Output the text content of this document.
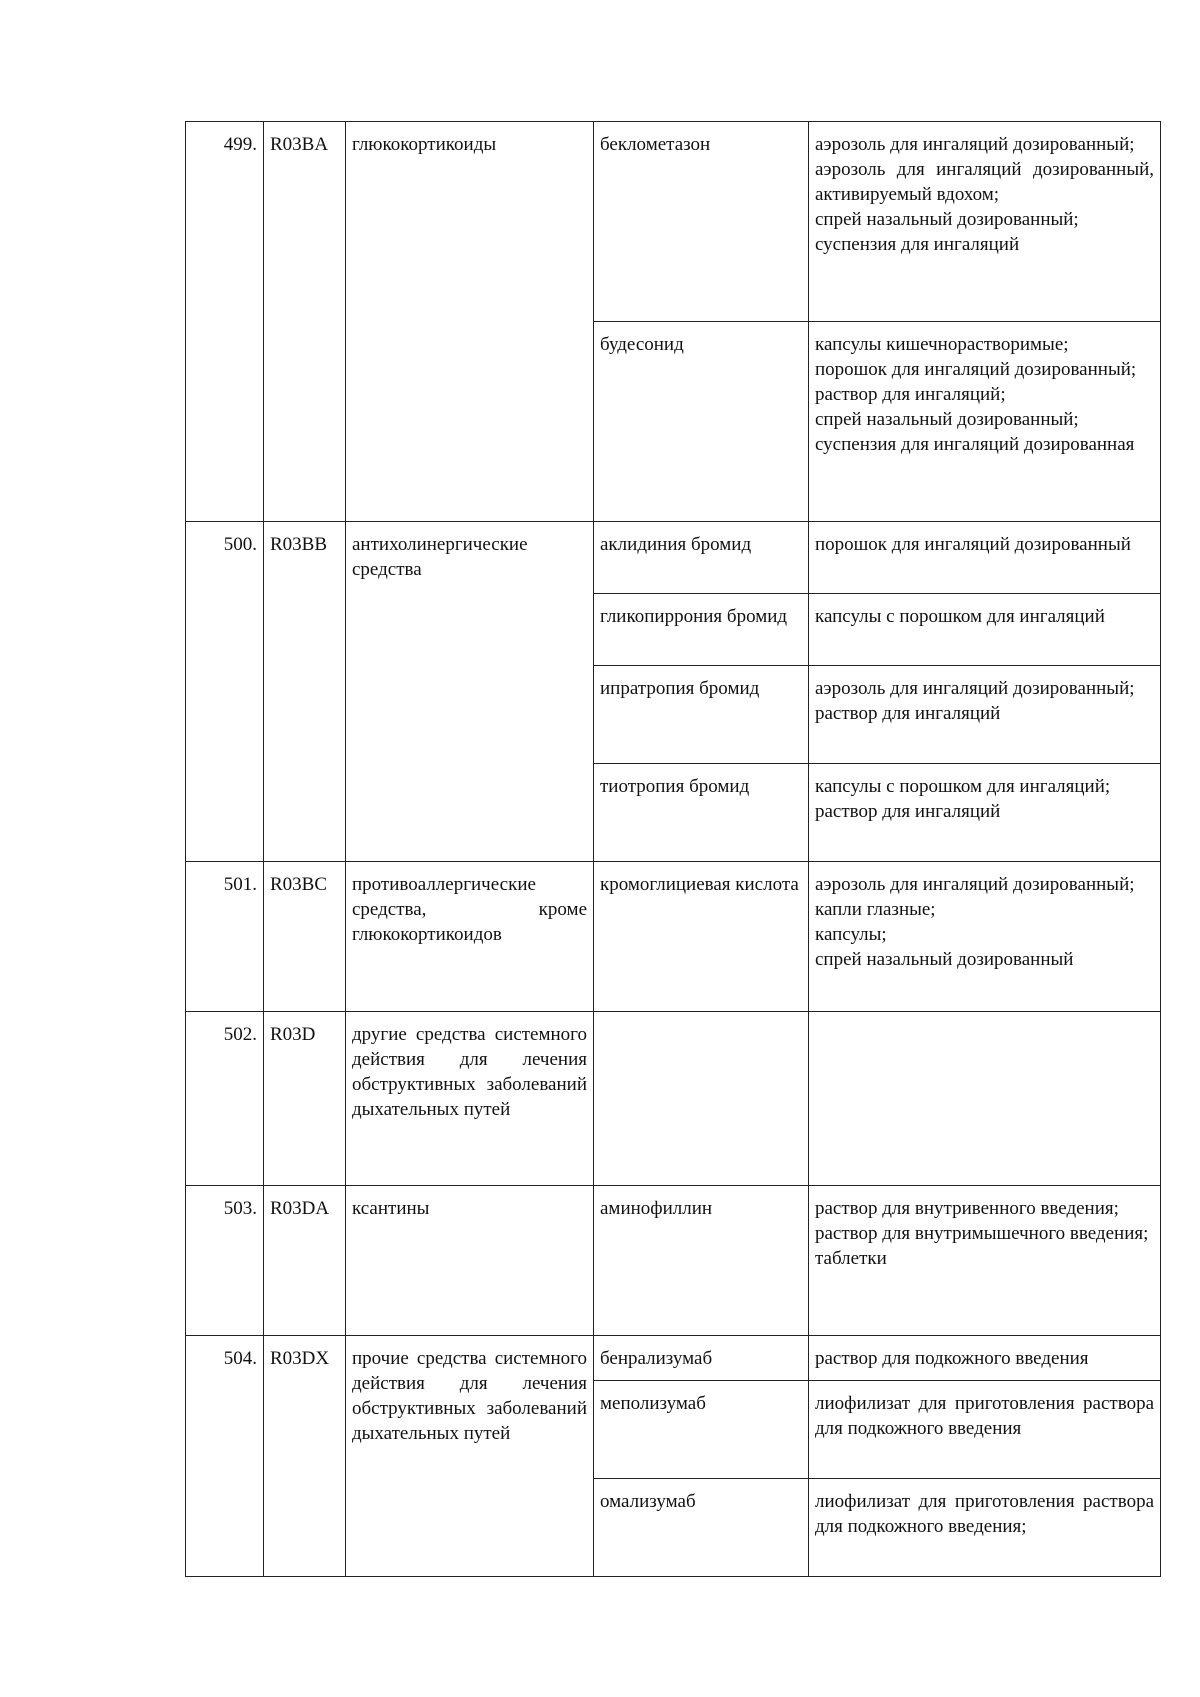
499.	R03BA	глюкокортикоиды	беклометазон	аэрозоль для ингаляций дозированный;
аэрозоль для ингаляций дозированный, активируемый вдохом;
спрей назальный дозированный;
суспензия для ингаляций

			будесонид	капсулы кишечнорастворимые;
порошок для ингаляций дозированный;
раствор для ингаляций;
спрей назальный дозированный;
суспензия для ингаляций дозированная

500.	R03BB	антихолинергические средства	аклидиния бромид	порошок для ингаляций дозированный

			гликопиррония бромид	капсулы с порошком для ингаляций

			ипратропия бромид	аэрозоль для ингаляций дозированный;
раствор для ингаляций

			тиотропия бромид	капсулы с порошком для ингаляций;
раствор для ингаляций

501.	R03BC	противоаллергические средства, кроме глюкокортикоидов	кромоглициевая кислота	аэрозоль для ингаляций дозированный;
капли глазные;
капсулы;
спрей назальный дозированный

502.	R03D	другие средства системного действия для лечения обструктивных заболеваний дыхательных путей		
503.	R03DA	ксантины	аминофиллин	раствор для внутривенного введения;
раствор для внутримышечного введения;
таблетки

504.	R03DX	прочие средства системного действия для лечения обструктивных заболеваний дыхательных путей	бенрализумаб	раствор для подкожного введения

			меполизумаб	лиофилизат для приготовления раствора для подкожного введения

			омализумаб	лиофилизат для приготовления раствора для подкожного введения;
